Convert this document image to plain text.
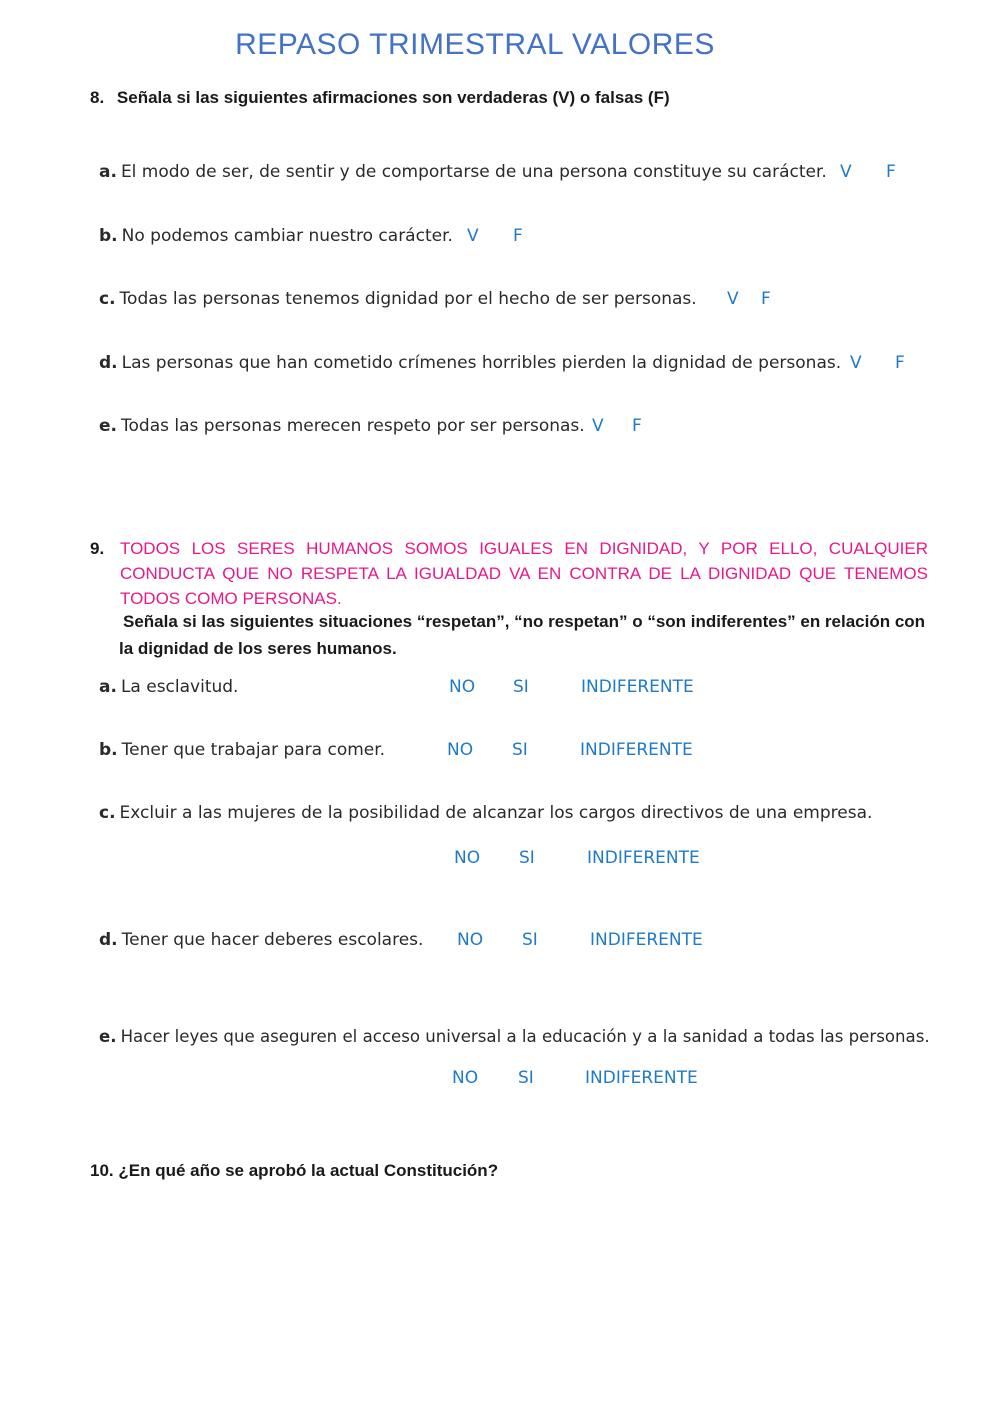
REPASO TRIMESTRAL VALORES
8. Señala si las siguientes afirmaciones son verdaderas (V) o falsas (F)
a. El modo de ser, de sentir y de comportarse de una persona constituye su carácter. V F
b. No podemos cambiar nuestro carácter. V F
c. Todas las personas tenemos dignidad por el hecho de ser personas. V F
d. Las personas que han cometido crímenes horribles pierden la dignidad de personas. V F
e. Todas las personas merecen respeto por ser personas. V F
9. TODOS LOS SERES HUMANOS SOMOS IGUALES EN DIGNIDAD, Y POR ELLO, CUALQUIER CONDUCTA QUE NO RESPETA LA IGUALDAD VA EN CONTRA DE LA DIGNIDAD QUE TENEMOS TODOS COMO PERSONAS.
Señala si las siguientes situaciones “respetan”, “no respetan” o “son indiferentes” en relación con la dignidad de los seres humanos.
a. La esclavitud.	NO SI	INDIFERENTE
b. Tener que trabajar para comer.	NO SI	INDIFERENTE
c. Excluir a las mujeres de la posibilidad de alcanzar los cargos directivos de una empresa.
NO SI	INDIFERENTE
d. Tener que hacer deberes escolares. NO SI	INDIFERENTE
e. Hacer leyes que aseguren el acceso universal a la educación y a la sanidad a todas las personas.
NO SI	INDIFERENTE
10. ¿En qué año se aprobó la actual Constitución?
